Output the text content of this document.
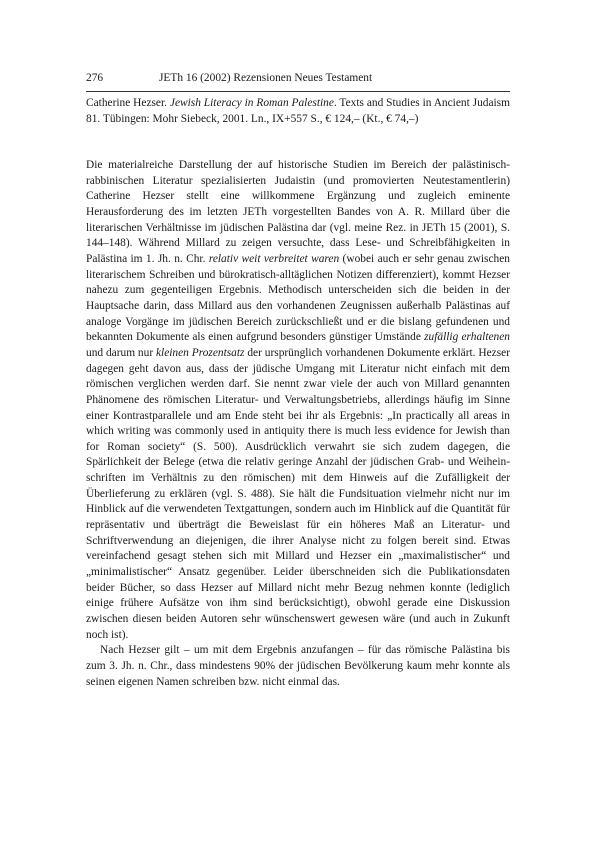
276	JETh 16 (2002) Rezensionen Neues Testament
Catherine Hezser. Jewish Literacy in Roman Palestine. Texts and Studies in Ancient Judaism 81. Tübingen: Mohr Siebeck, 2001. Ln., IX+557 S., € 124,– (Kt., € 74,–)

Die materialreiche Darstellung der auf historische Studien im Bereich der palästinisch-rabbinischen Literatur spezialisierten Judaistin (und promovierten Neutestamentlerin) Catherine Hezser stellt eine willkommene Ergänzung und zugleich eminente Herausforderung des im letzten JETh vorgestellten Bandes von A. R. Millard über die literarischen Verhältnisse im jüdischen Palästina dar (vgl. meine Rez. in JETh 15 (2001), S. 144–148). Während Millard zu zeigen versuchte, dass Lese- und Schreibfähigkeiten in Palästina im 1. Jh. n. Chr. relativ weit verbreitet waren (wobei auch er sehr genau zwischen literarischem Schreiben und bürokratisch-alltäglichen Notizen differenziert), kommt Hezser nahezu zum gegenteiligen Ergebnis. Methodisch unterscheiden sich die beiden in der Hauptsache darin, dass Millard aus den vorhandenen Zeugnissen außerhalb Palästinas auf analoge Vorgänge im jüdischen Bereich zurückschließt und er die bislang gefundenen und bekannten Dokumente als einen aufgrund besonders günstiger Umstände zufällig erhaltenen und darum nur kleinen Prozentsatz der ursprünglich vorhandenen Dokumente erklärt. Hezser dagegen geht davon aus, dass der jüdische Umgang mit Literatur nicht einfach mit dem römischen verglichen werden darf. Sie nennt zwar viele der auch von Millard genannten Phänomene des römischen Literatur- und Verwaltungsbetriebs, allerdings häufig im Sinne einer Kontrastparallele und am Ende steht bei ihr als Ergebnis: „In practically all areas in which writing was commonly used in antiquity there is much less evidence for Jewish than for Roman society“ (S. 500). Ausdrücklich verwahrt sie sich zudem dagegen, die Spärlichkeit der Belege (etwa die relativ geringe Anzahl der jüdischen Grab- und Weiheinschriften im Verhältnis zu den römischen) mit dem Hinweis auf die Zufälligkeit der Überlieferung zu erklären (vgl. S. 488). Sie hält die Fundsituation vielmehr nicht nur im Hinblick auf die verwendeten Textgattungen, sondern auch im Hinblick auf die Quantität für repräsentativ und überträgt die Beweislast für ein höheres Maß an Literatur- und Schriftverwendung an diejenigen, die ihrer Analyse nicht zu folgen bereit sind. Etwas vereinfachend gesagt stehen sich mit Millard und Hezser ein „maximalistischer“ und „minimalistischer“ Ansatz gegenüber. Leider überschneiden sich die Publikationsdaten beider Bücher, so dass Hezser auf Millard nicht mehr Bezug nehmen konnte (lediglich einige frühere Aufsätze von ihm sind berücksichtigt), obwohl gerade eine Diskussion zwischen diesen beiden Autoren sehr wünschenswert gewesen wäre (und auch in Zukunft noch ist).

Nach Hezser gilt – um mit dem Ergebnis anzufangen – für das römische Palästina bis zum 3. Jh. n. Chr., dass mindestens 90% der jüdischen Bevölkerung kaum mehr konnte als seinen eigenen Namen schreiben bzw. nicht einmal das.
